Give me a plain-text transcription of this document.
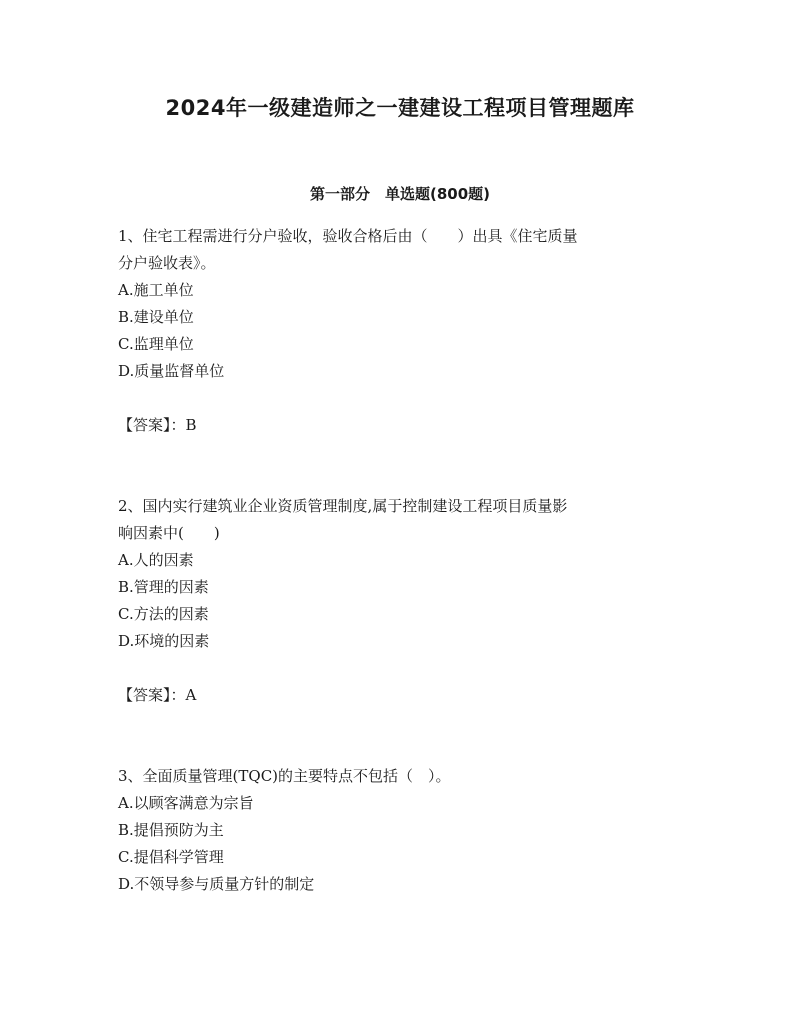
2024年一级建造师之一建建设工程项目管理题库
第一部分　单选题(800题)
1、住宅工程需进行分户验收，验收合格后由（　　）出具《住宅质量
分户验收表》。
A.施工单位
B.建设单位
C.监理单位
D.质量监督单位
【答案】：B
2、国内实行建筑业企业资质管理制度,属于控制建设工程项目质量影
响因素中(　　)
A.人的因素
B.管理的因素
C.方法的因素
D.环境的因素
【答案】：A
3、全面质量管理(TQC)的主要特点不包括（　）。
A.以顾客满意为宗旨
B.提倡预防为主
C.提倡科学管理
D.不领导参与质量方针的制定
